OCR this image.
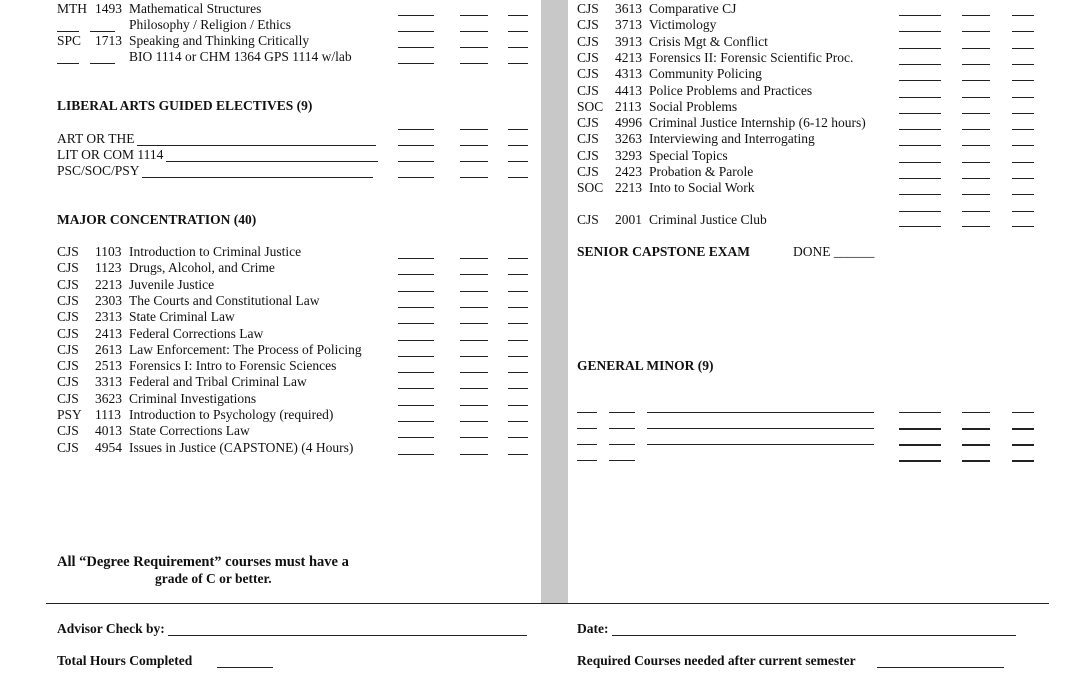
MTH 1493 Mathematical Structures
Philosophy / Religion / Ethics
SPC 1713 Speaking and Thinking Critically
BIO 1114 or CHM 1364 GPS 1114 w/lab
LIBERAL ARTS GUIDED ELECTIVES (9)
ART OR THE
LIT OR COM 1114
PSC/SOC/PSY
MAJOR CONCENTRATION (40)
CJS 1103 Introduction to Criminal Justice
CJS 1123 Drugs, Alcohol, and Crime
CJS 2213 Juvenile Justice
CJS 2303 The Courts and Constitutional Law
CJS 2313 State Criminal Law
CJS 2413 Federal Corrections Law
CJS 2613 Law Enforcement: The Process of Policing
CJS 2513 Forensics I: Intro to Forensic Sciences
CJS 3313 Federal and Tribal Criminal Law
CJS 3623 Criminal Investigations
PSY 1113 Introduction to Psychology (required)
CJS 4013 State Corrections Law
CJS 4954 Issues in Justice (CAPSTONE) (4 Hours)
All “Degree Requirement” courses must have a
grade of C or better.
CJS 3613 Comparative CJ
CJS 3713 Victimology
CJS 3913 Crisis Mgt & Conflict
CJS 4213 Forensics II: Forensic Scientific Proc.
CJS 4313 Community Policing
CJS 4413 Police Problems and Practices
SOC 2113 Social Problems
CJS 4996 Criminal Justice Internship (6-12 hours)
CJS 3263 Interviewing and Interrogating
CJS 3293 Special Topics
CJS 2423 Probation & Parole
SOC 2213 Into to Social Work
CJS 2001 Criminal Justice Club
SENIOR CAPSTONE EXAM	DONE ______
GENERAL MINOR (9)
Advisor Check by:	Date:
Total Hours Completed	Required Courses needed after current semester
